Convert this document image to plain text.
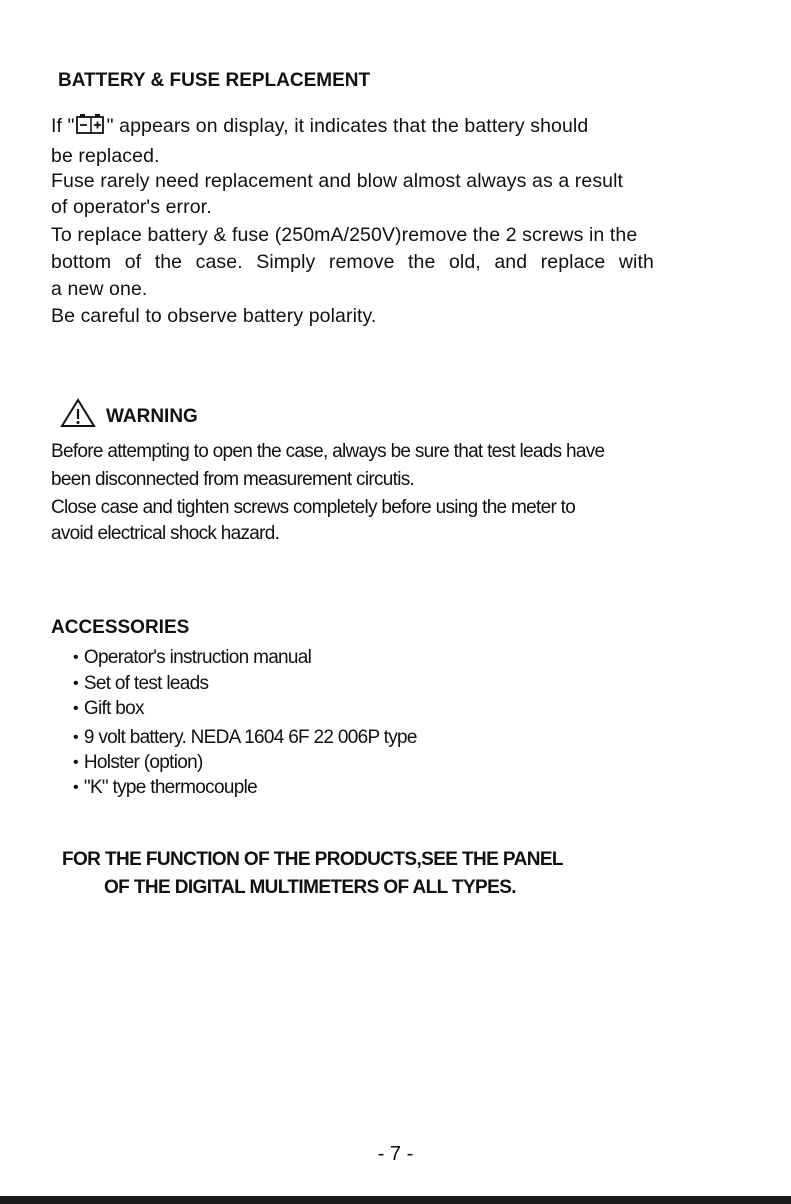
BATTERY & FUSE REPLACEMENT
If " " appears on display, it indicates that the battery should
be replaced.
Fuse rarely need replacement and blow almost always as a result
of operator's error.
To replace battery & fuse (250mA/250V)remove the 2 screws in the
bottom of the case. Simply remove the old, and replace with
a new one.
Be careful to observe battery polarity.
WARNING
Before attempting to open the case, always be sure that test leads have
been disconnected from measurement circutis.
Close case and tighten screws completely before using the meter to
avoid electrical shock hazard.
ACCESSORIES
• Operator's instruction manual
• Set of test leads
• Gift box
• 9 volt battery. NEDA 1604 6F 22 006P type
• Holster (option)
• "K" type thermocouple
FOR THE FUNCTION OF THE PRODUCTS,SEE THE PANEL
OF THE DIGITAL MULTIMETERS OF ALL TYPES.
- 7 -
